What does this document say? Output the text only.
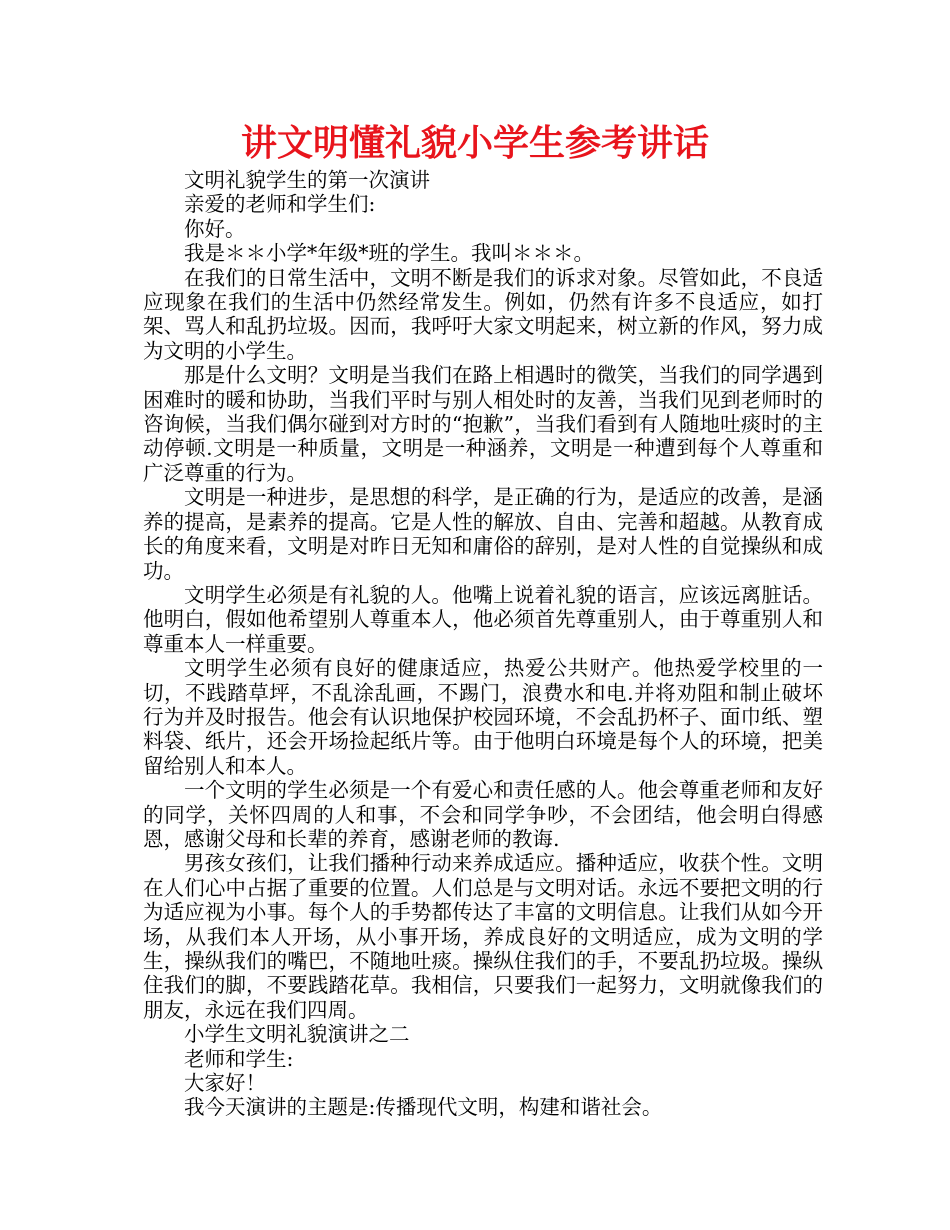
讲文明懂礼貌小学生参考讲话

文明礼貌学生的第一次演讲

亲爱的老师和学生们:

你好。

我是＊＊小学*年级*班的学生。我叫＊＊＊。

在我们的日常生活中，文明不断是我们的诉求对象。尽管如此，不良适应现象在我们的生活中仍然经常发生。例如，仍然有许多不良适应，如打架、骂人和乱扔垃圾。因而，我呼吁大家文明起来，树立新的作风，努力成为文明的小学生。

那是什么文明？文明是当我们在路上相遇时的微笑，当我们的同学遇到困难时的暖和协助，当我们平时与别人相处时的友善，当我们见到老师时的咨询候，当我们偶尔碰到对方时的“抱歉”，当我们看到有人随地吐痰时的主动停顿.文明是一种质量，文明是一种涵养，文明是一种遭到每个人尊重和广泛尊重的行为。

文明是一种进步，是思想的科学，是正确的行为，是适应的改善，是涵养的提高，是素养的提高。它是人性的解放、自由、完善和超越。从教育成长的角度来看，文明是对昨日无知和庸俗的辞别，是对人性的自觉操纵和成功。

文明学生必须是有礼貌的人。他嘴上说着礼貌的语言，应该远离脏话。他明白，假如他希望别人尊重本人，他必须首先尊重别人，由于尊重别人和尊重本人一样重要。

文明学生必须有良好的健康适应，热爱公共财产。他热爱学校里的一切，不践踏草坪，不乱涂乱画，不踢门，浪费水和电.并将劝阻和制止破坏行为并及时报告。他会有认识地保护校园环境，不会乱扔杯子、面巾纸、塑料袋、纸片，还会开场捡起纸片等。由于他明白环境是每个人的环境，把美留给别人和本人。

一个文明的学生必须是一个有爱心和责任感的人。他会尊重老师和友好的同学，关怀四周的人和事，不会和同学争吵，不会团结，他会明白得感恩，感谢父母和长辈的养育，感谢老师的教诲.

男孩女孩们，让我们播种行动来养成适应。播种适应，收获个性。文明在人们心中占据了重要的位置。人们总是与文明对话。永远不要把文明的行为适应视为小事。每个人的手势都传达了丰富的文明信息。让我们从如今开场，从我们本人开场，从小事开场，养成良好的文明适应，成为文明的学生，操纵我们的嘴巴，不随地吐痰。操纵住我们的手，不要乱扔垃圾。操纵住我们的脚，不要践踏花草。我相信，只要我们一起努力，文明就像我们的朋友，永远在我们四周。

小学生文明礼貌演讲之二

老师和学生:

大家好！

我今天演讲的主题是:传播现代文明，构建和谐社会。
